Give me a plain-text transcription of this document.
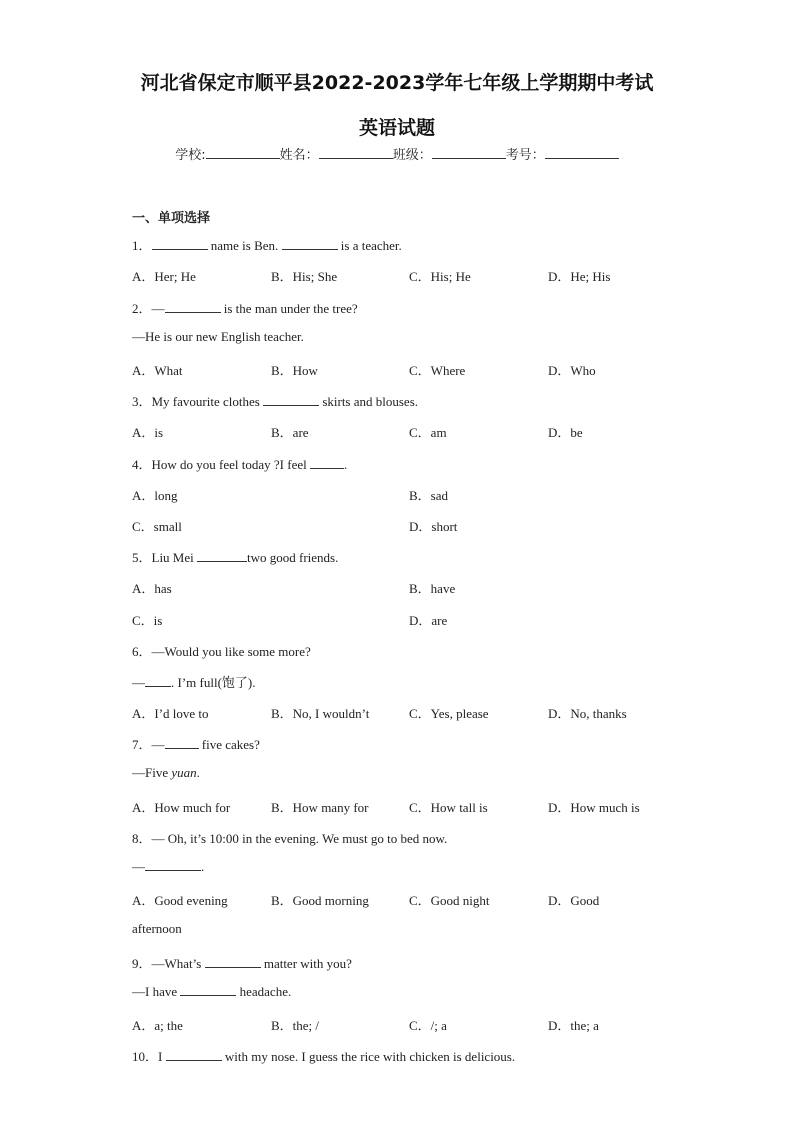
河北省保定市顺平县2022-2023学年七年级上学期期中考试
英语试题
学校:	姓名：	班级：	考号：
一、单项选择
1．	name is Ben.	is a teacher.
A．Her; He	B．His; She	C．His; He	D．He; His
2．—	is the man under the tree?
—He is our new English teacher.
A．What	B．How	C．Where	D．Who
3．My favourite clothes	skirts and blouses.
A．is	B．are	C．am	D．be
4．How do you feel today ?I feel	.
A．long	B．sad
C．small	D．short
5．Liu Mei	two good friends.
A．has	B．have
C．is	D．are
6．—Would you like some more?
— . I’m full(饱了).
A．I’d love to	B．No, I wouldn’t	C．Yes, please	D．No, thanks
7．—	five cakes?
—Five yuan.
A．How much for	B．How many for	C．How tall is	D．How much is
8．— Oh, it’s 10:00 in the evening. We must go to bed now.
—	.
A．Good evening	B．Good morning	C．Good night	D．Good
afternoon
9．—What’s	matter with you?
—I have	headache.
A．a; the	B．the; /	C．/; a	D．the; a
10．I	with my nose. I guess the rice with chicken is delicious.
